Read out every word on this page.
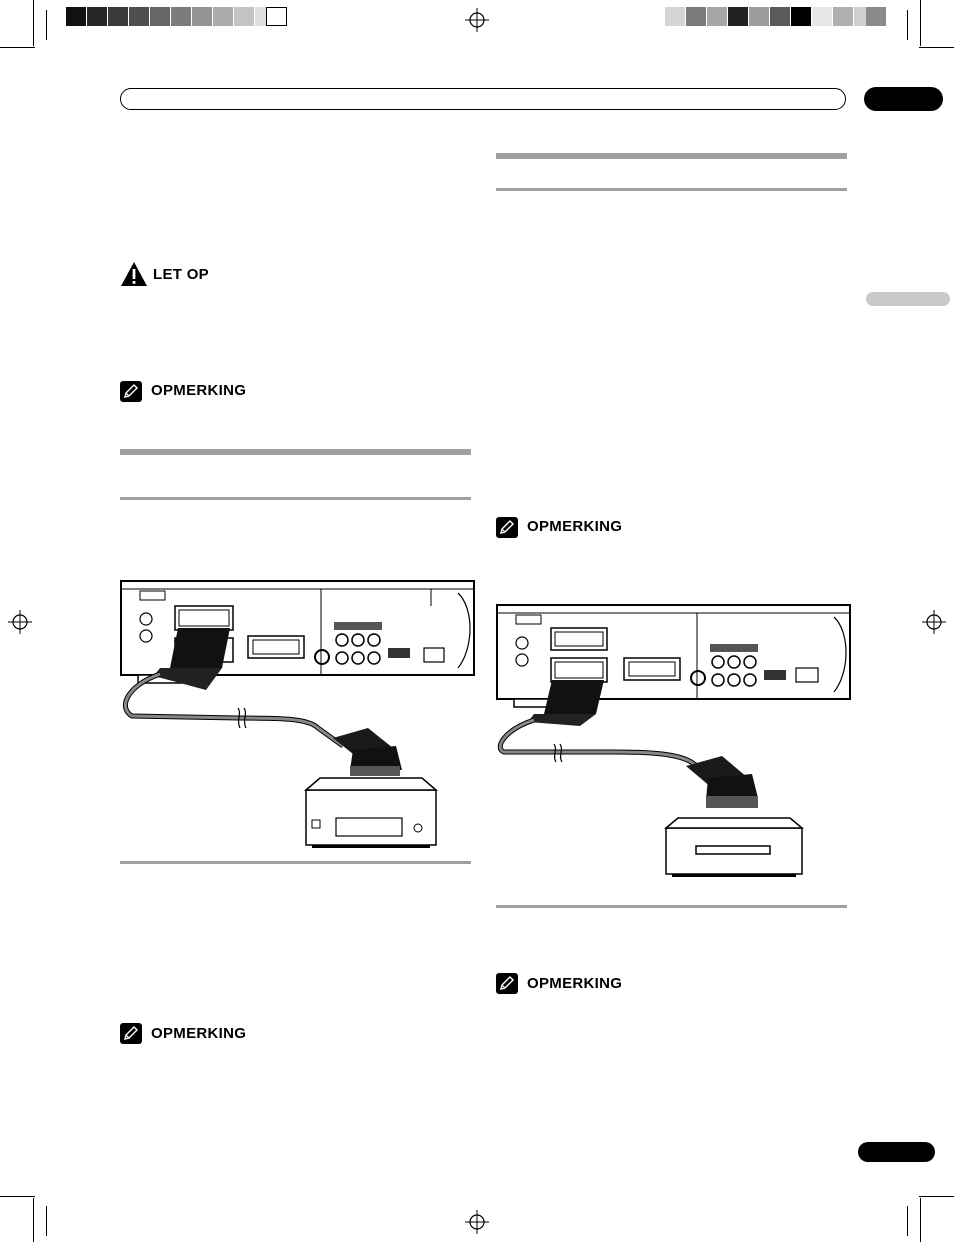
LET OP
OPMERKING
OPMERKING
OPMERKING
OPMERKING
